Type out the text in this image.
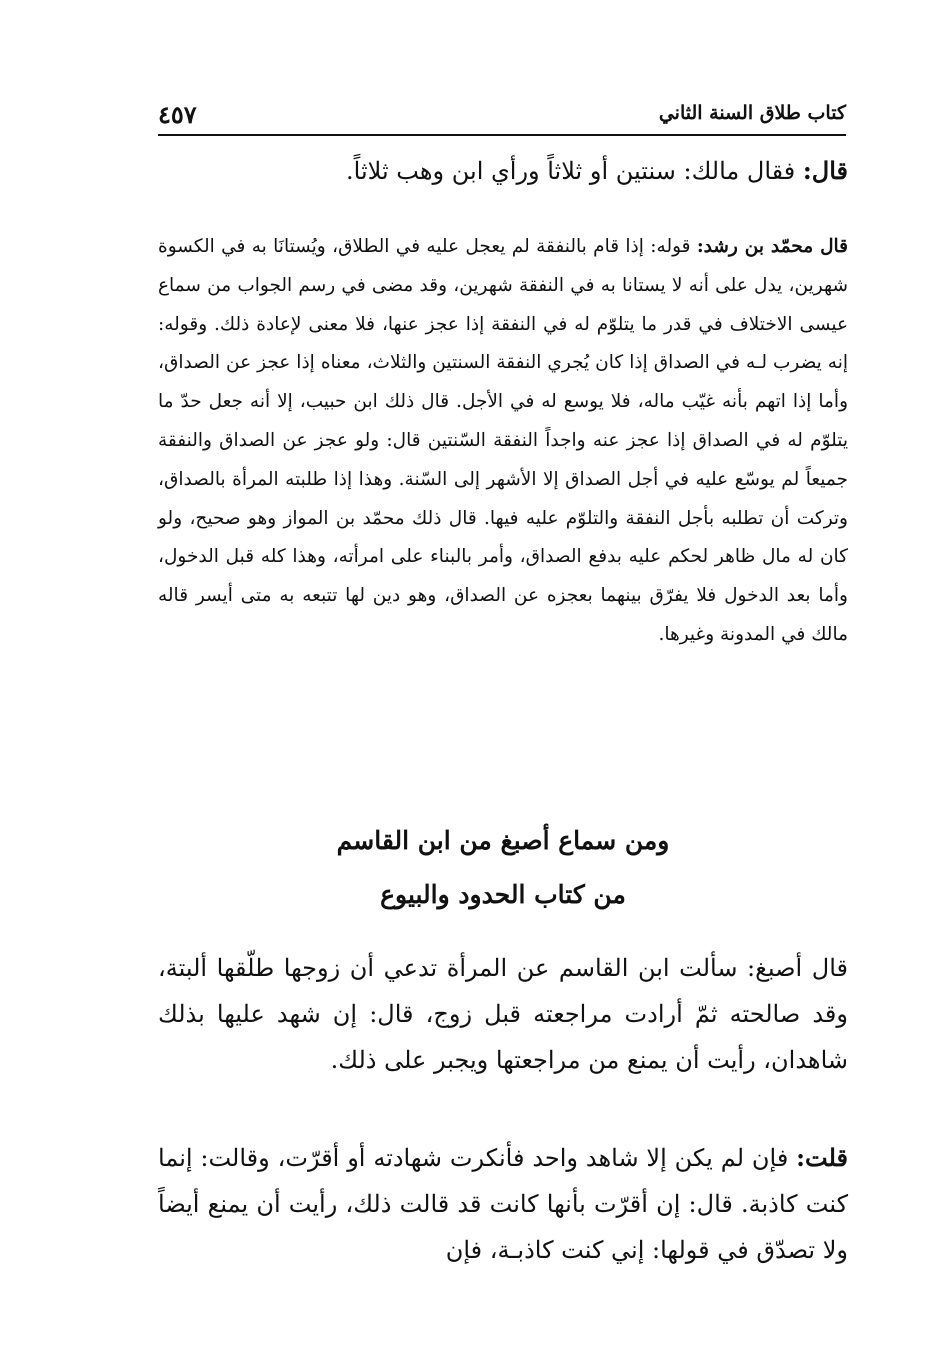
كتاب طلاق السنة الثاني
٤٥٧

قال: فقال مالك: سنتين أو ثلاثاً ورأي ابن وهب ثلاثاً.

قال محمّد بن رشد: قوله: إذا قام بالنفقة لم يعجل عليه في الطلاق، ويُستانَا به في الكسوة شهرين، يدل على أنه لا يستانا به في النفقة شهرين، وقد مضى في رسم الجواب من سماع عيسى الاختلاف في قدر ما يتلوّم له في النفقة إذا عجز عنها، فلا معنى لإعادة ذلك. وقوله: إنه يضرب لـه في الصداق إذا كان يُجري النفقة السنتين والثلاث، معناه إذا عجز عن الصداق، وأما إذا اتهم بأنه غيّب ماله، فلا يوسع له في الأجل. قال ذلك ابن حبيب، إلا أنه جعل حدّ ما يتلوّم له في الصداق إذا عجز عنه واجداً النفقة السّنتين قال: ولو عجز عن الصداق والنفقة جميعاً لم يوسّع عليه في أجل الصداق إلا الأشهر إلى السّنة. وهذا إذا طلبته المرأة بالصداق، وتركت أن تطلبه بأجل النفقة والتلوّم عليه فيها. قال ذلك محمّد بن المواز وهو صحيح، ولو كان له مال ظاهر لحكم عليه بدفع الصداق، وأمر بالبناء على امرأته، وهذا كله قبل الدخول، وأما بعد الدخول فلا يفرّق بينهما بعجزه عن الصداق، وهو دين لها تتبعه به متى أيسر قاله مالك في المدونة وغيرها.

ومن سماع أصبغ من ابن القاسم
من كتاب الحدود والبيوع

قال أصبغ: سألت ابن القاسم عن المرأة تدعي أن زوجها طلّقها ألبتة، وقد صالحته ثمّ أرادت مراجعته قبل زوج، قال: إن شهد عليها بذلك شاهدان، رأيت أن يمنع من مراجعتها ويجبر على ذلك.

قلت: فإن لم يكن إلا شاهد واحد فأنكرت شهادته أو أقرّت، وقالت: إنما كنت كاذبة. قال: إن أقرّت بأنها كانت قد قالت ذلك، رأيت أن يمنع أيضاً ولا تصدّق في قولها: إني كنت كاذبـة، فإن
